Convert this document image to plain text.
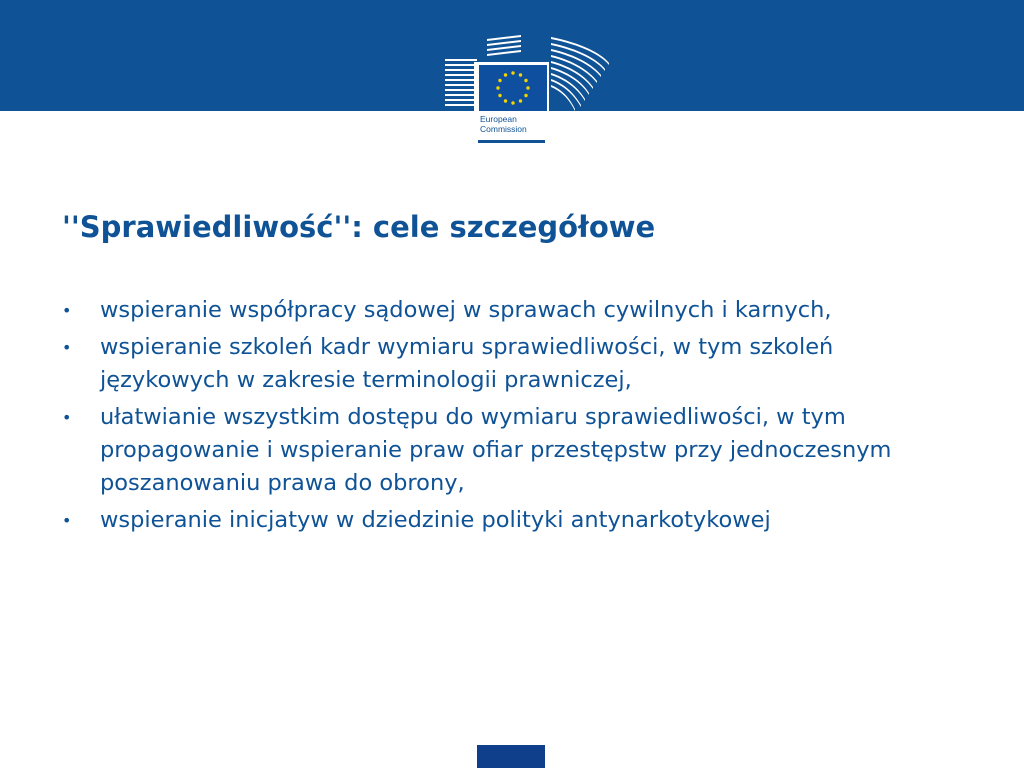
European
Commission
''Sprawiedliwość'': cele szczegółowe
• wspieranie współpracy sądowej w sprawach cywilnych i karnych,
• wspieranie szkoleń kadr wymiaru sprawiedliwości, w tym szkoleń językowych w zakresie terminologii prawniczej,
• ułatwianie wszystkim dostępu do wymiaru sprawiedliwości, w tym propagowanie i wspieranie praw ofiar przestępstw przy jednoczesnym poszanowaniu prawa do obrony,
• wspieranie inicjatyw w dziedzinie polityki antynarkotykowej
